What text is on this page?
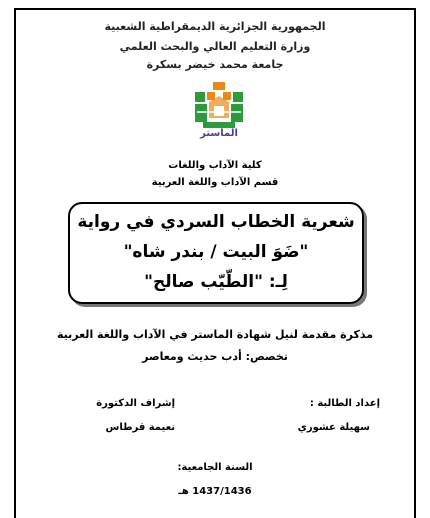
الجمهورية الجزائرية الديمقراطية الشعبية
وزارة التعليم العالي والبحث العلمي
جامعة محمد خيضر بسكرة
الماستر
كلية الآداب واللغات
قسم الآداب واللغة العربية
شعرية الخطاب السردي في رواية
"ضَوَ البيت / بندر شاه"
لِـ: "الطّيّب صالح"
مذكرة مقدمة لنيل شهادة الماستر في الآداب واللغة العربية
تخصص: أدب حديث ومعاصر
إعداد الطالبة :
إشراف الدكتورة
سهيلة عشوري
نعيمة قرطاس
السنة الجامعية:
1437/1436 هـ
